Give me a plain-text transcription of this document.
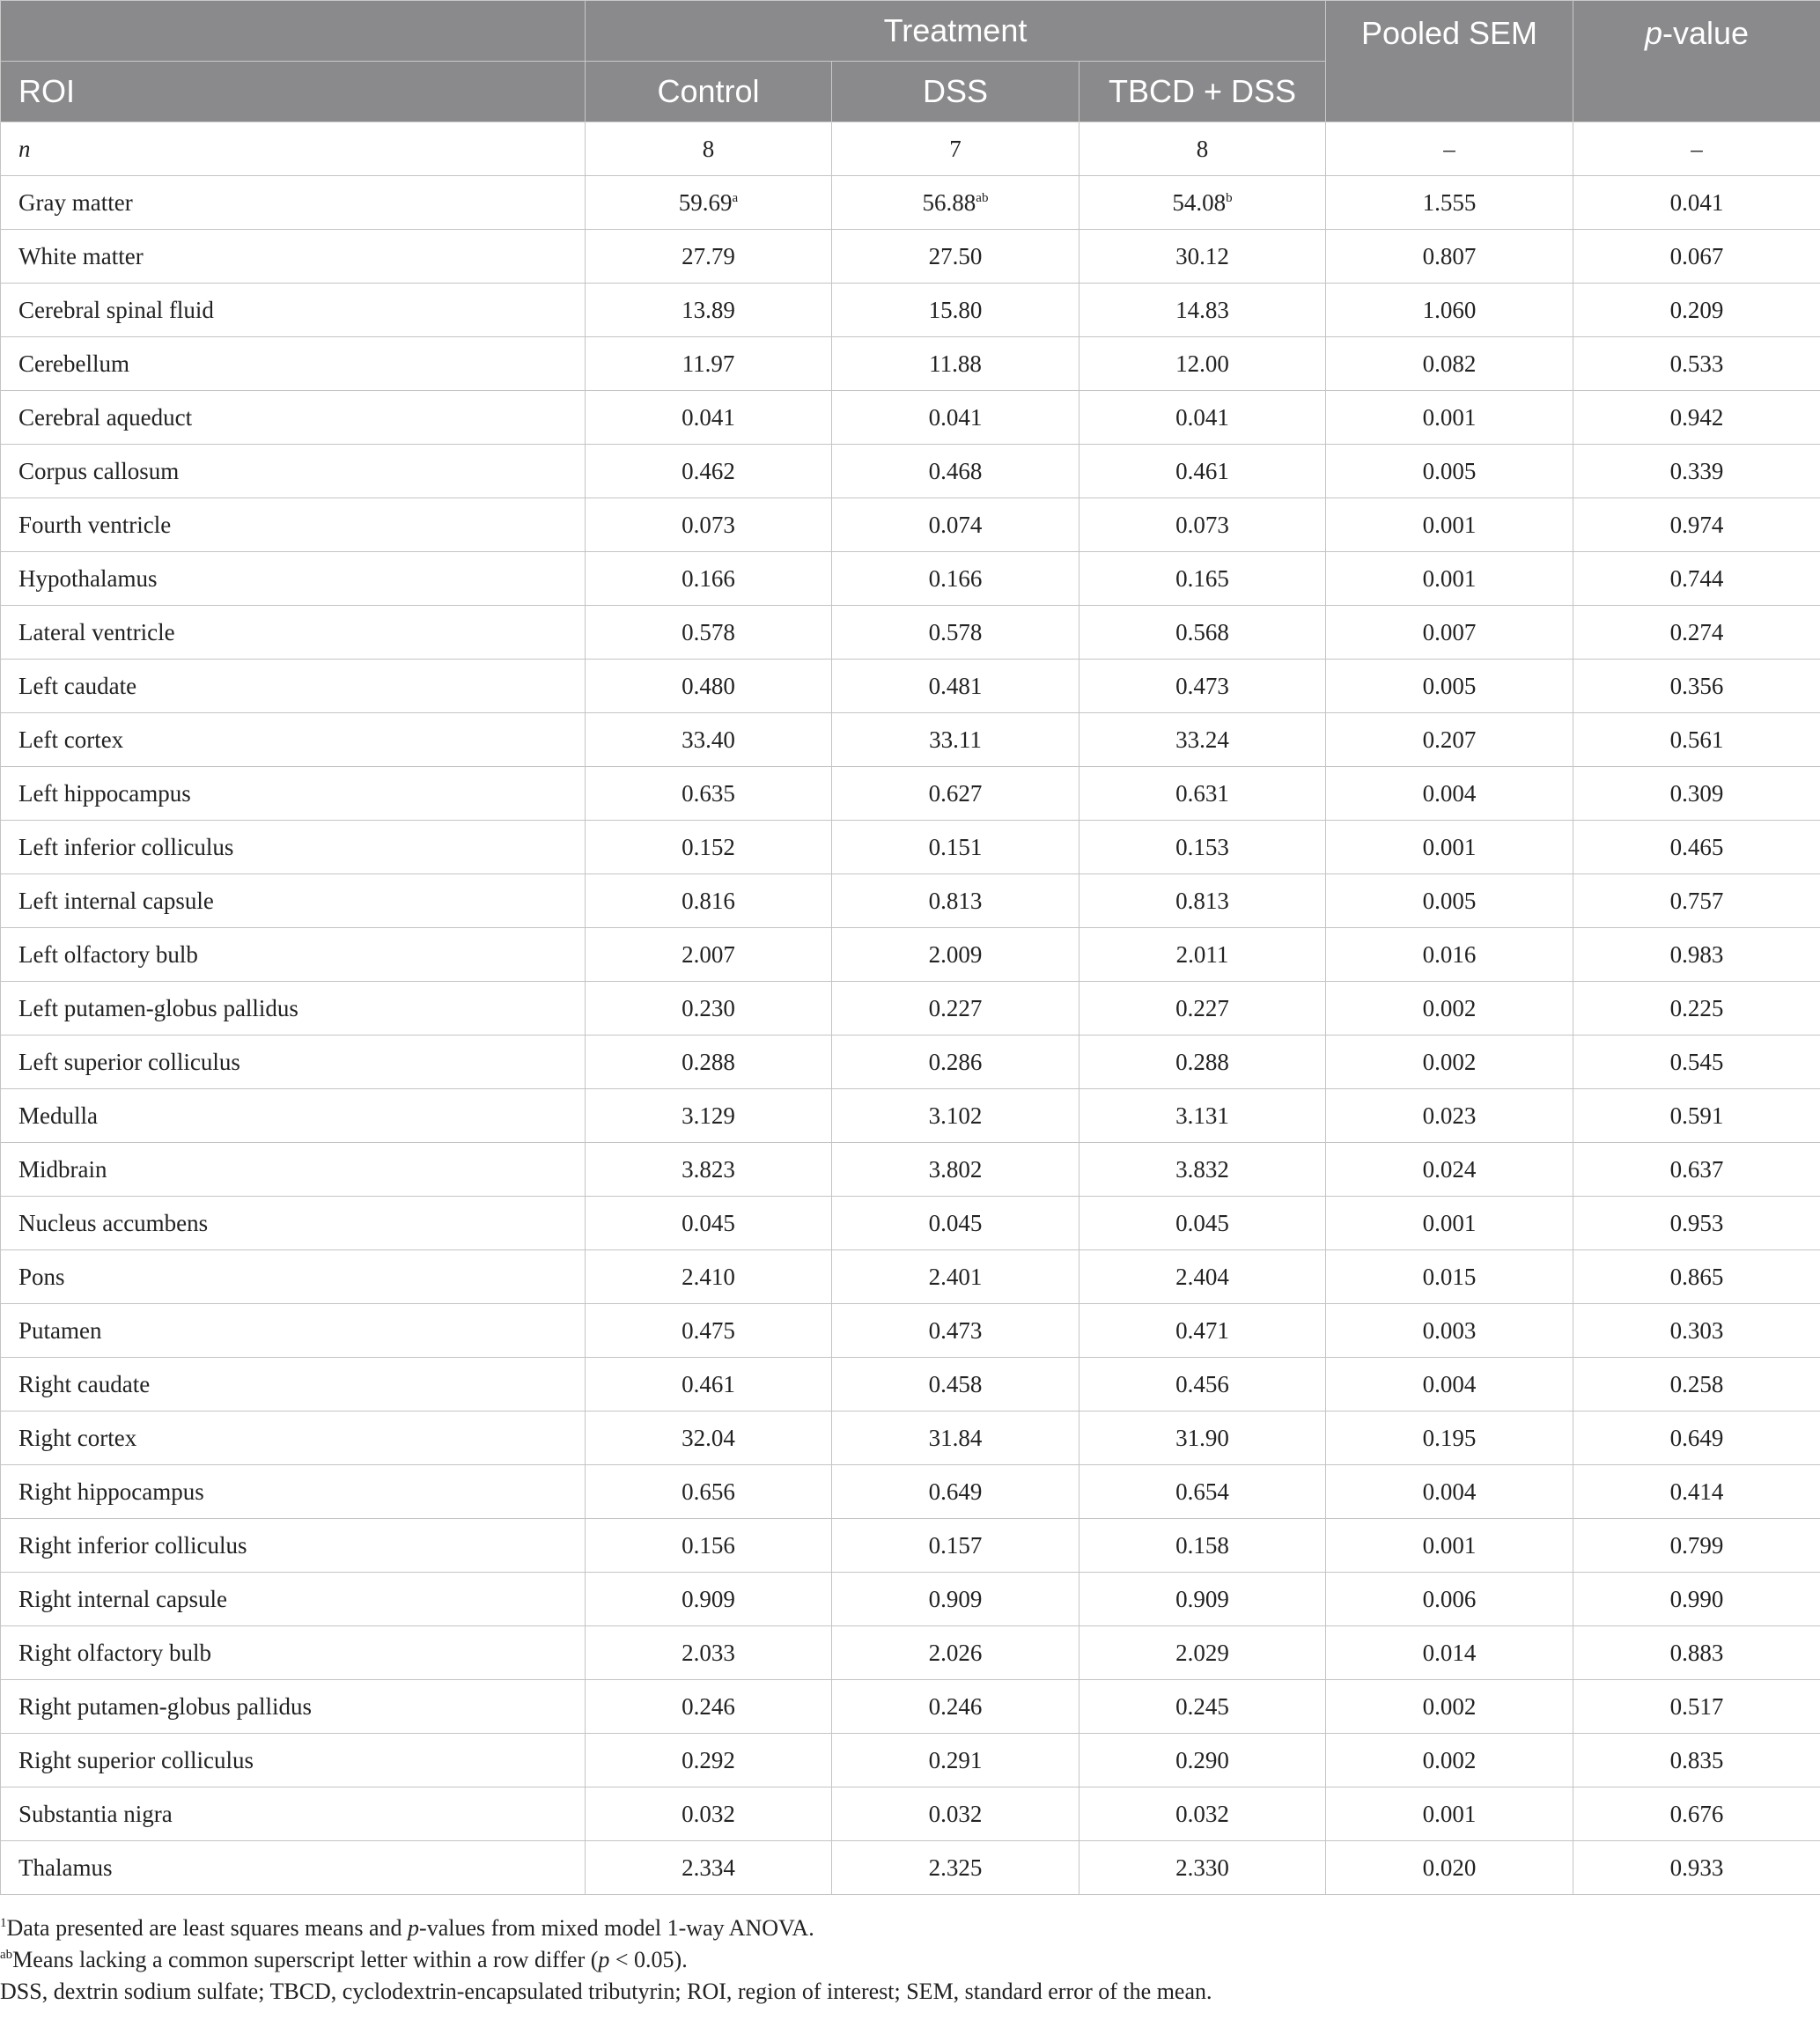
	Treatment			Pooled SEM	p-value
ROI	Control	DSS	TBCD + DSS		
n	8	7	8	–	–
Gray matter	59.69$^a$	56.88$^{ab}$	54.08$^b$	1.555	0.041
White matter	27.79	27.50	30.12	0.807	0.067
Cerebral spinal fluid	13.89	15.80	14.83	1.060	0.209
Cerebellum	11.97	11.88	12.00	0.082	0.533
Cerebral aqueduct	0.041	0.041	0.041	0.001	0.942
Corpus callosum	0.462	0.468	0.461	0.005	0.339
Fourth ventricle	0.073	0.074	0.073	0.001	0.974
Hypothalamus	0.166	0.166	0.165	0.001	0.744
Lateral ventricle	0.578	0.578	0.568	0.007	0.274
Left caudate	0.480	0.481	0.473	0.005	0.356
Left cortex	33.40	33.11	33.24	0.207	0.561
Left hippocampus	0.635	0.627	0.631	0.004	0.309
Left inferior colliculus	0.152	0.151	0.153	0.001	0.465
Left internal capsule	0.816	0.813	0.813	0.005	0.757
Left olfactory bulb	2.007	2.009	2.011	0.016	0.983
Left putamen-globus pallidus	0.230	0.227	0.227	0.002	0.225
Left superior colliculus	0.288	0.286	0.288	0.002	0.545
Medulla	3.129	3.102	3.131	0.023	0.591
Midbrain	3.823	3.802	3.832	0.024	0.637
Nucleus accumbens	0.045	0.045	0.045	0.001	0.953
Pons	2.410	2.401	2.404	0.015	0.865
Putamen	0.475	0.473	0.471	0.003	0.303
Right caudate	0.461	0.458	0.456	0.004	0.258
Right cortex	32.04	31.84	31.90	0.195	0.649
Right hippocampus	0.656	0.649	0.654	0.004	0.414
Right inferior colliculus	0.156	0.157	0.158	0.001	0.799
Right internal capsule	0.909	0.909	0.909	0.006	0.990
Right olfactory bulb	2.033	2.026	2.029	0.014	0.883
Right putamen-globus pallidus	0.246	0.246	0.245	0.002	0.517
Right superior colliculus	0.292	0.291	0.290	0.002	0.835
Substantia nigra	0.032	0.032	0.032	0.001	0.676
Thalamus	2.334	2.325	2.330	0.020	0.933
$^1$Data presented are least squares means and p-values from mixed model 1-way ANOVA.
$^{ab}$Means lacking a common superscript letter within a row differ (p < 0.05).
DSS, dextrin sodium sulfate; TBCD, cyclodextrin-encapsulated tributyrin; ROI, region of interest; SEM, standard error of the mean.
